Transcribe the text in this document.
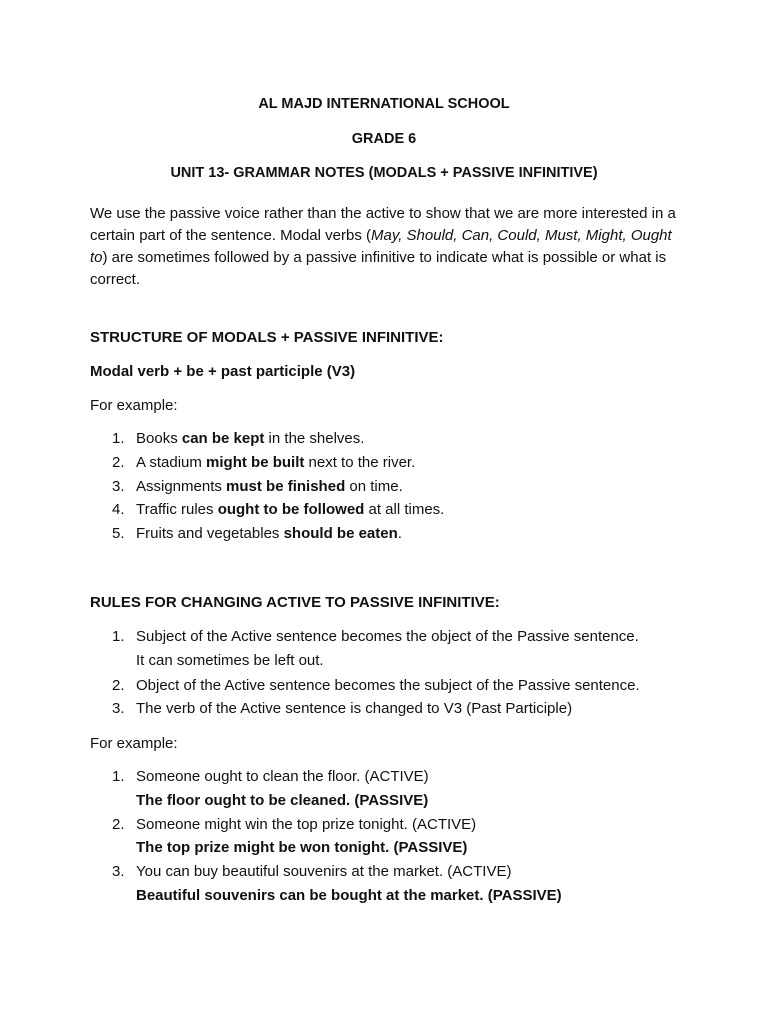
AL MAJD INTERNATIONAL SCHOOL
GRADE 6
UNIT 13- GRAMMAR NOTES (MODALS + PASSIVE INFINITIVE)

We use the passive voice rather than the active to show that we are more interested in a certain part of the sentence. Modal verbs (May, Should, Can, Could, Must, Might, Ought to) are sometimes followed by a passive infinitive to indicate what is possible or what is correct.

STRUCTURE OF MODALS + PASSIVE INFINITIVE:
Modal verb + be + past participle (V3)
For example:
1. Books can be kept in the shelves.
2. A stadium might be built next to the river.
3. Assignments must be finished on time.
4. Traffic rules ought to be followed at all times.
5. Fruits and vegetables should be eaten.
RULES FOR CHANGING ACTIVE TO PASSIVE INFINITIVE:
1. Subject of the Active sentence becomes the object of the Passive sentence.
It can sometimes be left out.
2. Object of the Active sentence becomes the subject of the Passive sentence.
3. The verb of the Active sentence is changed to V3 (Past Participle)
For example:
1. Someone ought to clean the floor. (ACTIVE)
The floor ought to be cleaned. (PASSIVE)
2. Someone might win the top prize tonight. (ACTIVE)
The top prize might be won tonight. (PASSIVE)
3. You can buy beautiful souvenirs at the market. (ACTIVE)
Beautiful souvenirs can be bought at the market. (PASSIVE)
